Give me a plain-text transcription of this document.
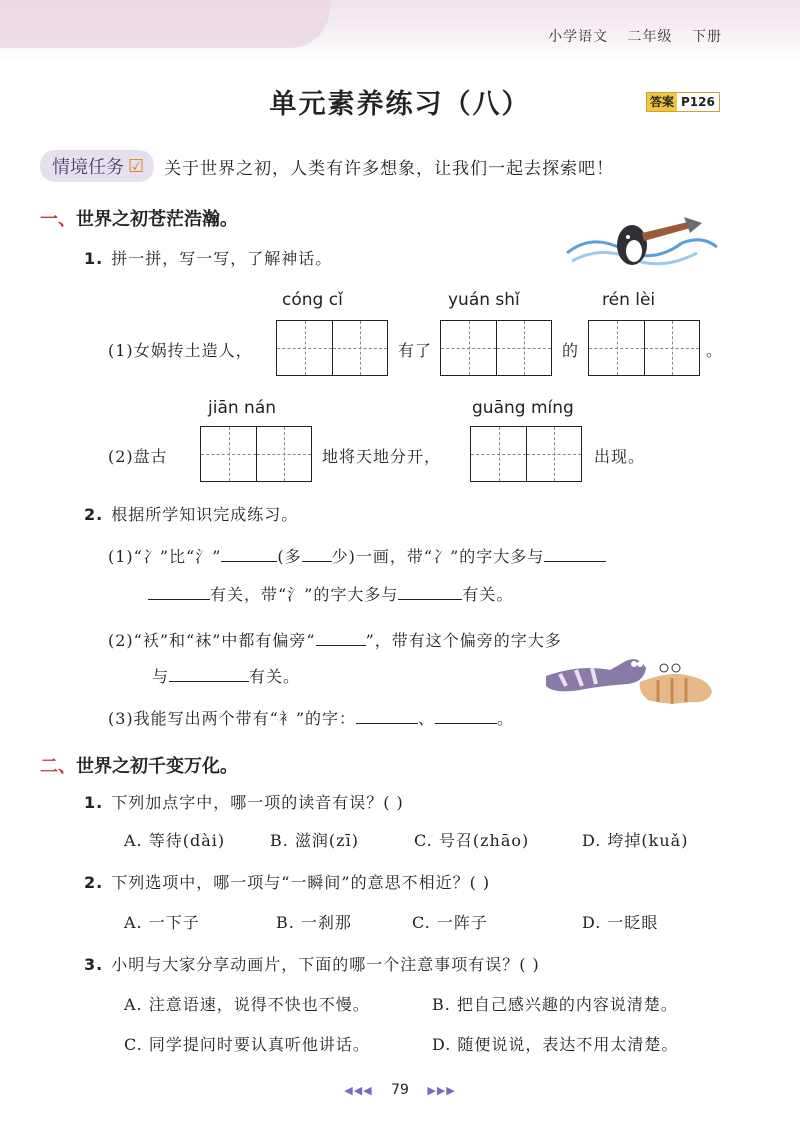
小学语文 二年级 下册
单元素养练习（八）	答案 P126
情境任务 ☑ 关于世界之初，人类有许多想象，让我们一起去探索吧！
一、世界之初苍茫浩瀚。
1. 拼一拼，写一写，了解神话。
cóng cǐ	yuán shǐ	rén lèi
(1)女娲抟土造人，	有了	的	。
jiān nán	guāng míng
(2)盘古	地将天地分开，	出现。
2. 根据所学知识完成练习。
(1)“冫”比“氵”	(多 少)一画，带“冫”的字大多与
有关，带“氵”的字大多与	有关。
(2)“袄”和“袜”中都有偏旁“	”，带有这个偏旁的字大多
与	有关。
(3)我能写出两个带有“衤”的字：	、	。
二、世界之初千变万化。
1. 下列加点字中，哪一项的读音有误？( )
A. 等待(dài)	B. 滋润(zī)	C. 号召(zhāo)	D. 垮掉(kuǎ)
2. 下列选项中，哪一项与“一瞬间”的意思不相近？( )
A. 一下子	B. 一刹那	C. 一阵子	D. 一眨眼
3. 小明与大家分享动画片，下面的哪一个注意事项有误？( )
A. 注意语速，说得不快也不慢。	B. 把自己感兴趣的内容说清楚。
C. 同学提问时要认真听他讲话。	D. 随便说说，表达不用太清楚。
◀◀◀ 79 ▶▶▶
